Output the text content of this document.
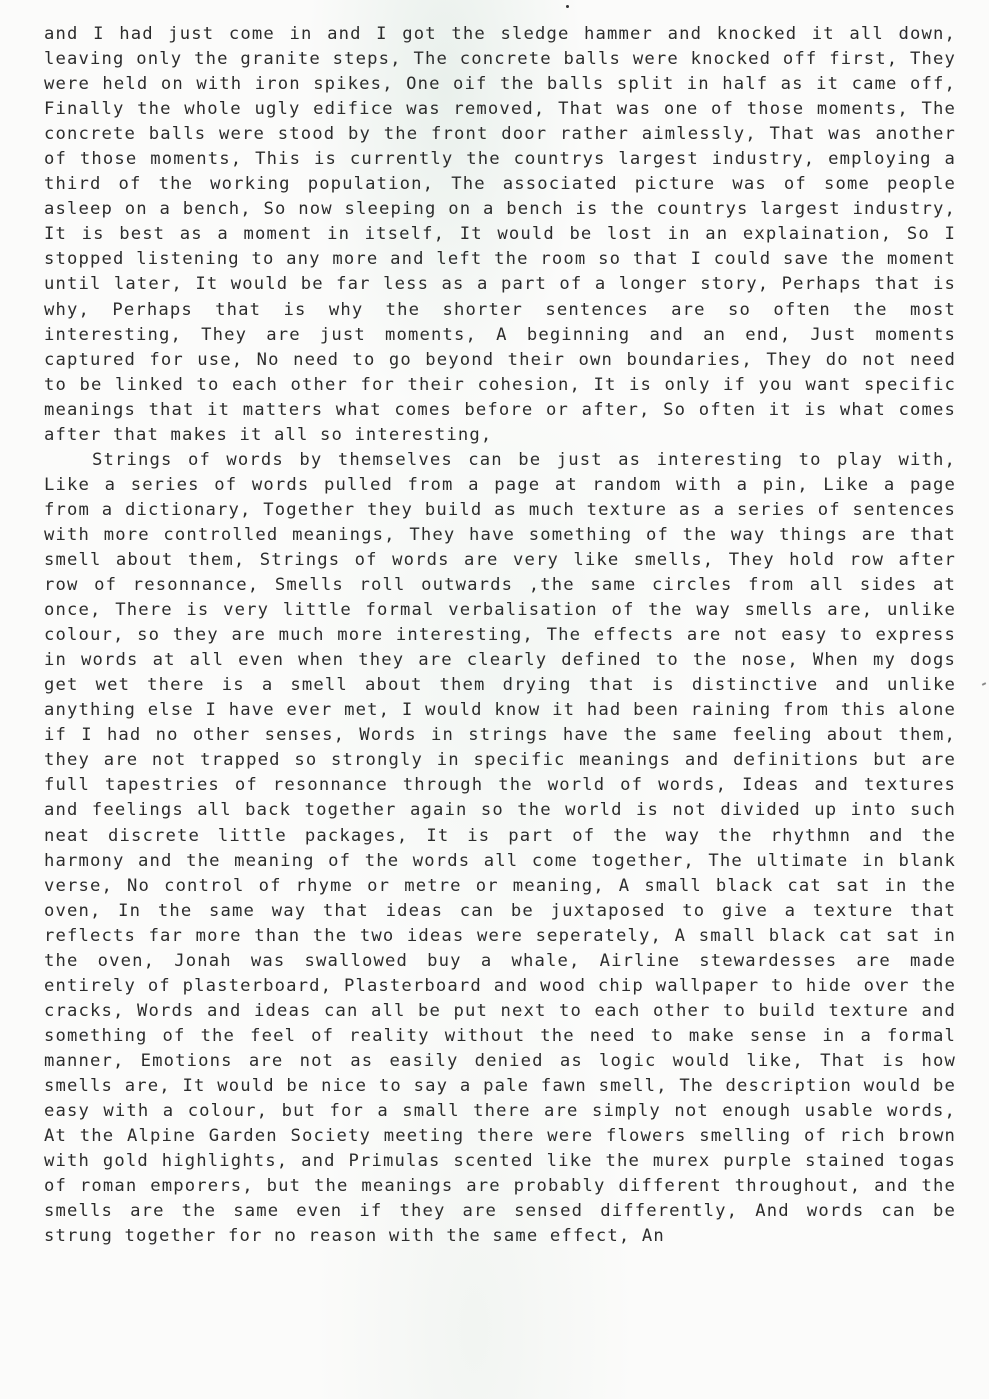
and I had just come in and I got the sledge hammer and knocked it all down, leaving only the granite steps, The concrete balls were knocked off first, They were held on with iron spikes, One oif the balls split in half as it came off, Finally the whole ugly edifice was removed, That was one of those moments, The concrete balls were stood by the front door rather aimlessly, That was another of those moments, This is currently the countrys largest industry, employing a third of the working population, The associated picture was of some people asleep on a bench, So now sleeping on a bench is the countrys largest industry, It is best as a moment in itself, It would be lost in an explaination, So I stopped listening to any more and left the room so that I could save the moment until later, It would be far less as a part of a longer story, Perhaps that is why, Perhaps that is why the shorter sentences are so often the most interesting, They are just moments, A beginning and an end, Just moments captured for use, No need to go beyond their own boundaries, They do not need to be linked to each other for their cohesion, It is only if you want specific meanings that it matters what comes before or after, So often it is what comes after that makes it all so interesting,

Strings of words by themselves can be just as interesting to play with, Like a series of words pulled from a page at random with a pin, Like a page from a dictionary, Together they build as much texture as a series of sentences with more controlled meanings, They have something of the way things are that smell about them, Strings of words are very like smells, They hold row after row of resonnance, Smells roll outwards ,the same circles from all sides at once, There is very little formal verbalisation of the way smells are, unlike colour, so they are much more interesting, The effects are not easy to express in words at all even when they are clearly defined to the nose, When my dogs get wet there is a smell about them drying that is distinctive and unlike anything else I have ever met, I would know it had been raining from this alone if I had no other senses, Words in strings have the same feeling about them, they are not trapped so strongly in specific meanings and definitions but are full tapestries of resonnance through the world of words, Ideas and textures and feelings all back together again so the world is not divided up into such neat discrete little packages, It is part of the way the rhythmn and the harmony and the meaning of the words all come together, The ultimate in blank verse, No control of rhyme or metre or meaning, A small black cat sat in the oven, In the same way that ideas can be juxtaposed to give a texture that reflects far more than the two ideas were seperately, A small black cat sat in the oven, Jonah was swallowed buy a whale, Airline stewardesses are made entirely of plasterboard, Plasterboard and wood chip wallpaper to hide over the cracks, Words and ideas can all be put next to each other to build texture and something of the feel of reality without the need to make sense in a formal manner, Emotions are not as easily denied as logic would like, That is how smells are, It would be nice to say a pale fawn smell, The description would be easy with a colour, but for a small there are simply not enough usable words, At the Alpine Garden Society meeting there were flowers smelling of rich brown with gold highlights, and Primulas scented like the murex purple stained togas of roman emporers, but the meanings are probably different throughout, and the smells are the same even if they are sensed differently, And words can be strung together for no reason with the same effect, An
